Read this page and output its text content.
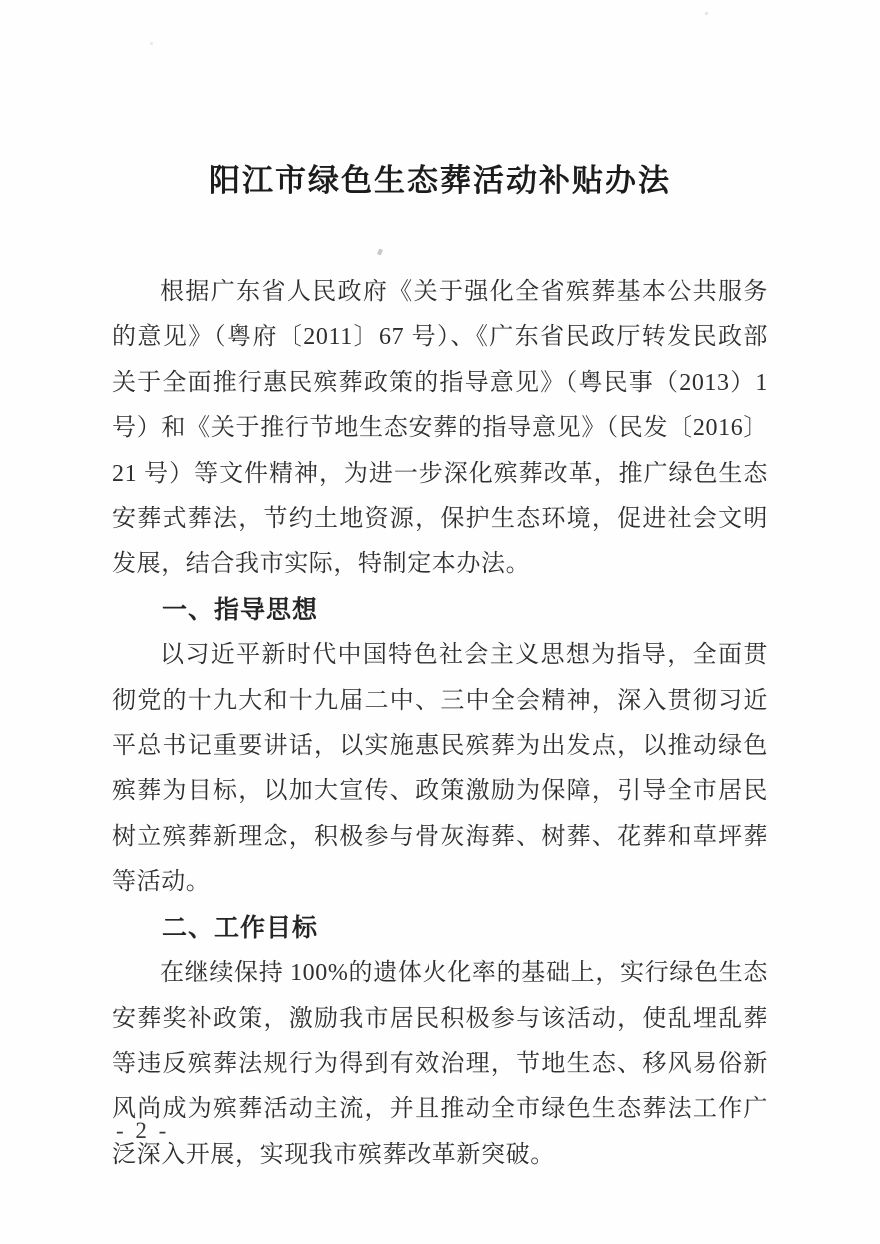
阳江市绿色生态葬活动补贴办法

根据广东省人民政府《关于强化全省殡葬基本公共服务的意见》（粤府〔2011〕67 号）、《广东省民政厅转发民政部关于全面推行惠民殡葬政策的指导意见》（粤民事（2013）1 号）和《关于推行节地生态安葬的指导意见》（民发〔2016〕21 号）等文件精神，为进一步深化殡葬改革，推广绿色生态安葬式葬法，节约土地资源，保护生态环境，促进社会文明发展，结合我市实际，特制定本办法。

一、指导思想

以习近平新时代中国特色社会主义思想为指导，全面贯彻党的十九大和十九届二中、三中全会精神，深入贯彻习近平总书记重要讲话，以实施惠民殡葬为出发点，以推动绿色殡葬为目标，以加大宣传、政策激励为保障，引导全市居民树立殡葬新理念，积极参与骨灰海葬、树葬、花葬和草坪葬等活动。

二、工作目标

在继续保持 100%的遗体火化率的基础上，实行绿色生态安葬奖补政策，激励我市居民积极参与该活动，使乱埋乱葬等违反殡葬法规行为得到有效治理，节地生态、移风易俗新风尚成为殡葬活动主流，并且推动全市绿色生态葬法工作广泛深入开展，实现我市殡葬改革新突破。

- 2 -
